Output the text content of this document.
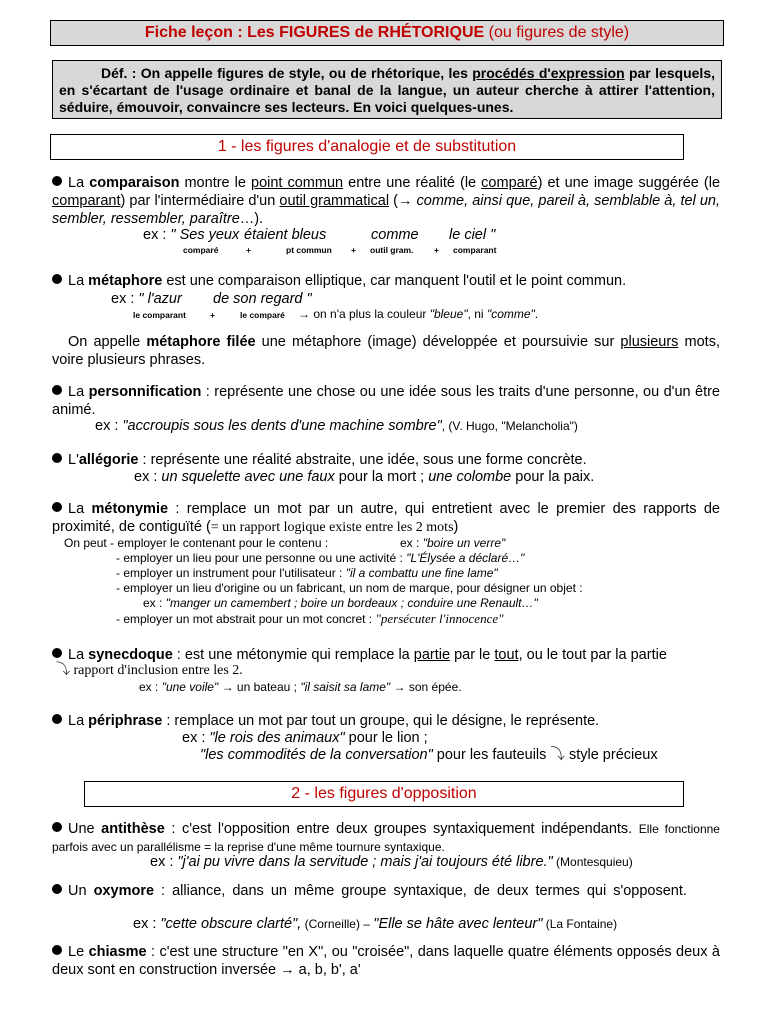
Fiche leçon : Les FIGURES de RHÉTORIQUE (ou figures de style)
Déf. : On appelle figures de style, ou de rhétorique, les procédés d'expression par lesquels, en s'écartant de l'usage ordinaire et banal de la langue, un auteur cherche à attirer l'attention, séduire, émouvoir, convaincre ses lecteurs. En voici quelques-unes.
1 - les figures d'analogie et de substitution
La comparaison montre le point commun entre une réalité (le comparé) et une image suggérée (le comparant) par l'intermédiaire d'un outil grammatical (→ comme, ainsi que, pareil à, semblable à, tel un, sembler, ressembler, paraître…).
ex : " Ses yeux étaient bleus	comme le ciel "
comparé	+	pt commun + outil gram. + comparant
La métaphore est une comparaison elliptique, car manquent l'outil et le point commun.
ex : " l'azur de son regard "
le comparant	+	le comparé → on n'a plus la couleur "bleue", ni "comme".
On appelle métaphore filée une métaphore (image) développée et poursuivie sur plusieurs mots, voire plusieurs phrases.
La personnification : représente une chose ou une idée sous les traits d'une personne, ou d'un être animé.
ex : "accroupis sous les dents d'une machine sombre", (V. Hugo, "Melancholia")
L'allégorie : représente une réalité abstraite, une idée, sous une forme concrète.
ex : un squelette avec une faux pour la mort ; une colombe pour la paix.
La métonymie : remplace un mot par un autre, qui entretient avec le premier des rapports de proximité, de contiguïté (= un rapport logique existe entre les 2 mots)
On peut - employer le contenant pour le contenu :	ex : "boire un verre"
- employer un lieu pour une personne ou une activité : "L'Élysée a déclaré…"
- employer un instrument pour l'utilisateur : "il a combattu une fine lame"
- employer un lieu d'origine ou un fabricant, un nom de marque, pour désigner un objet :
ex : "manger un camembert ; boire un bordeaux ; conduire une Renault…"
- employer un mot abstrait pour un mot concret : "persécuter l'innocence"
La synecdoque : est une métonymie qui remplace la partie par le tout, ou le tout par la partie
⤵ rapport d'inclusion entre les 2.
ex : "une voile" → un bateau ; "il saisit sa lame" → son épée.
La périphrase : remplace un mot par tout un groupe, qui le désigne, le représente.
ex : "le rois des animaux" pour le lion ;
"les commodités de la conversation" pour les fauteuils ⤵ style précieux
2 - les figures d'opposition
Une antithèse : c'est l'opposition entre deux groupes syntaxiquement indépendants. Elle fonctionne parfois avec un parallélisme = la reprise d'une même tournure syntaxique.
ex : "j'ai pu vivre dans la servitude ; mais j'ai toujours été libre." (Montesquieu)
Un oxymore : alliance, dans un même groupe syntaxique, de deux termes qui s'opposent.
ex : "cette obscure clarté", (Corneille) – "Elle se hâte avec lenteur" (La Fontaine)
Le chiasme : c'est une structure "en X", ou "croisée", dans laquelle quatre éléments opposés deux à deux sont en construction inversée → a, b, b', a'
